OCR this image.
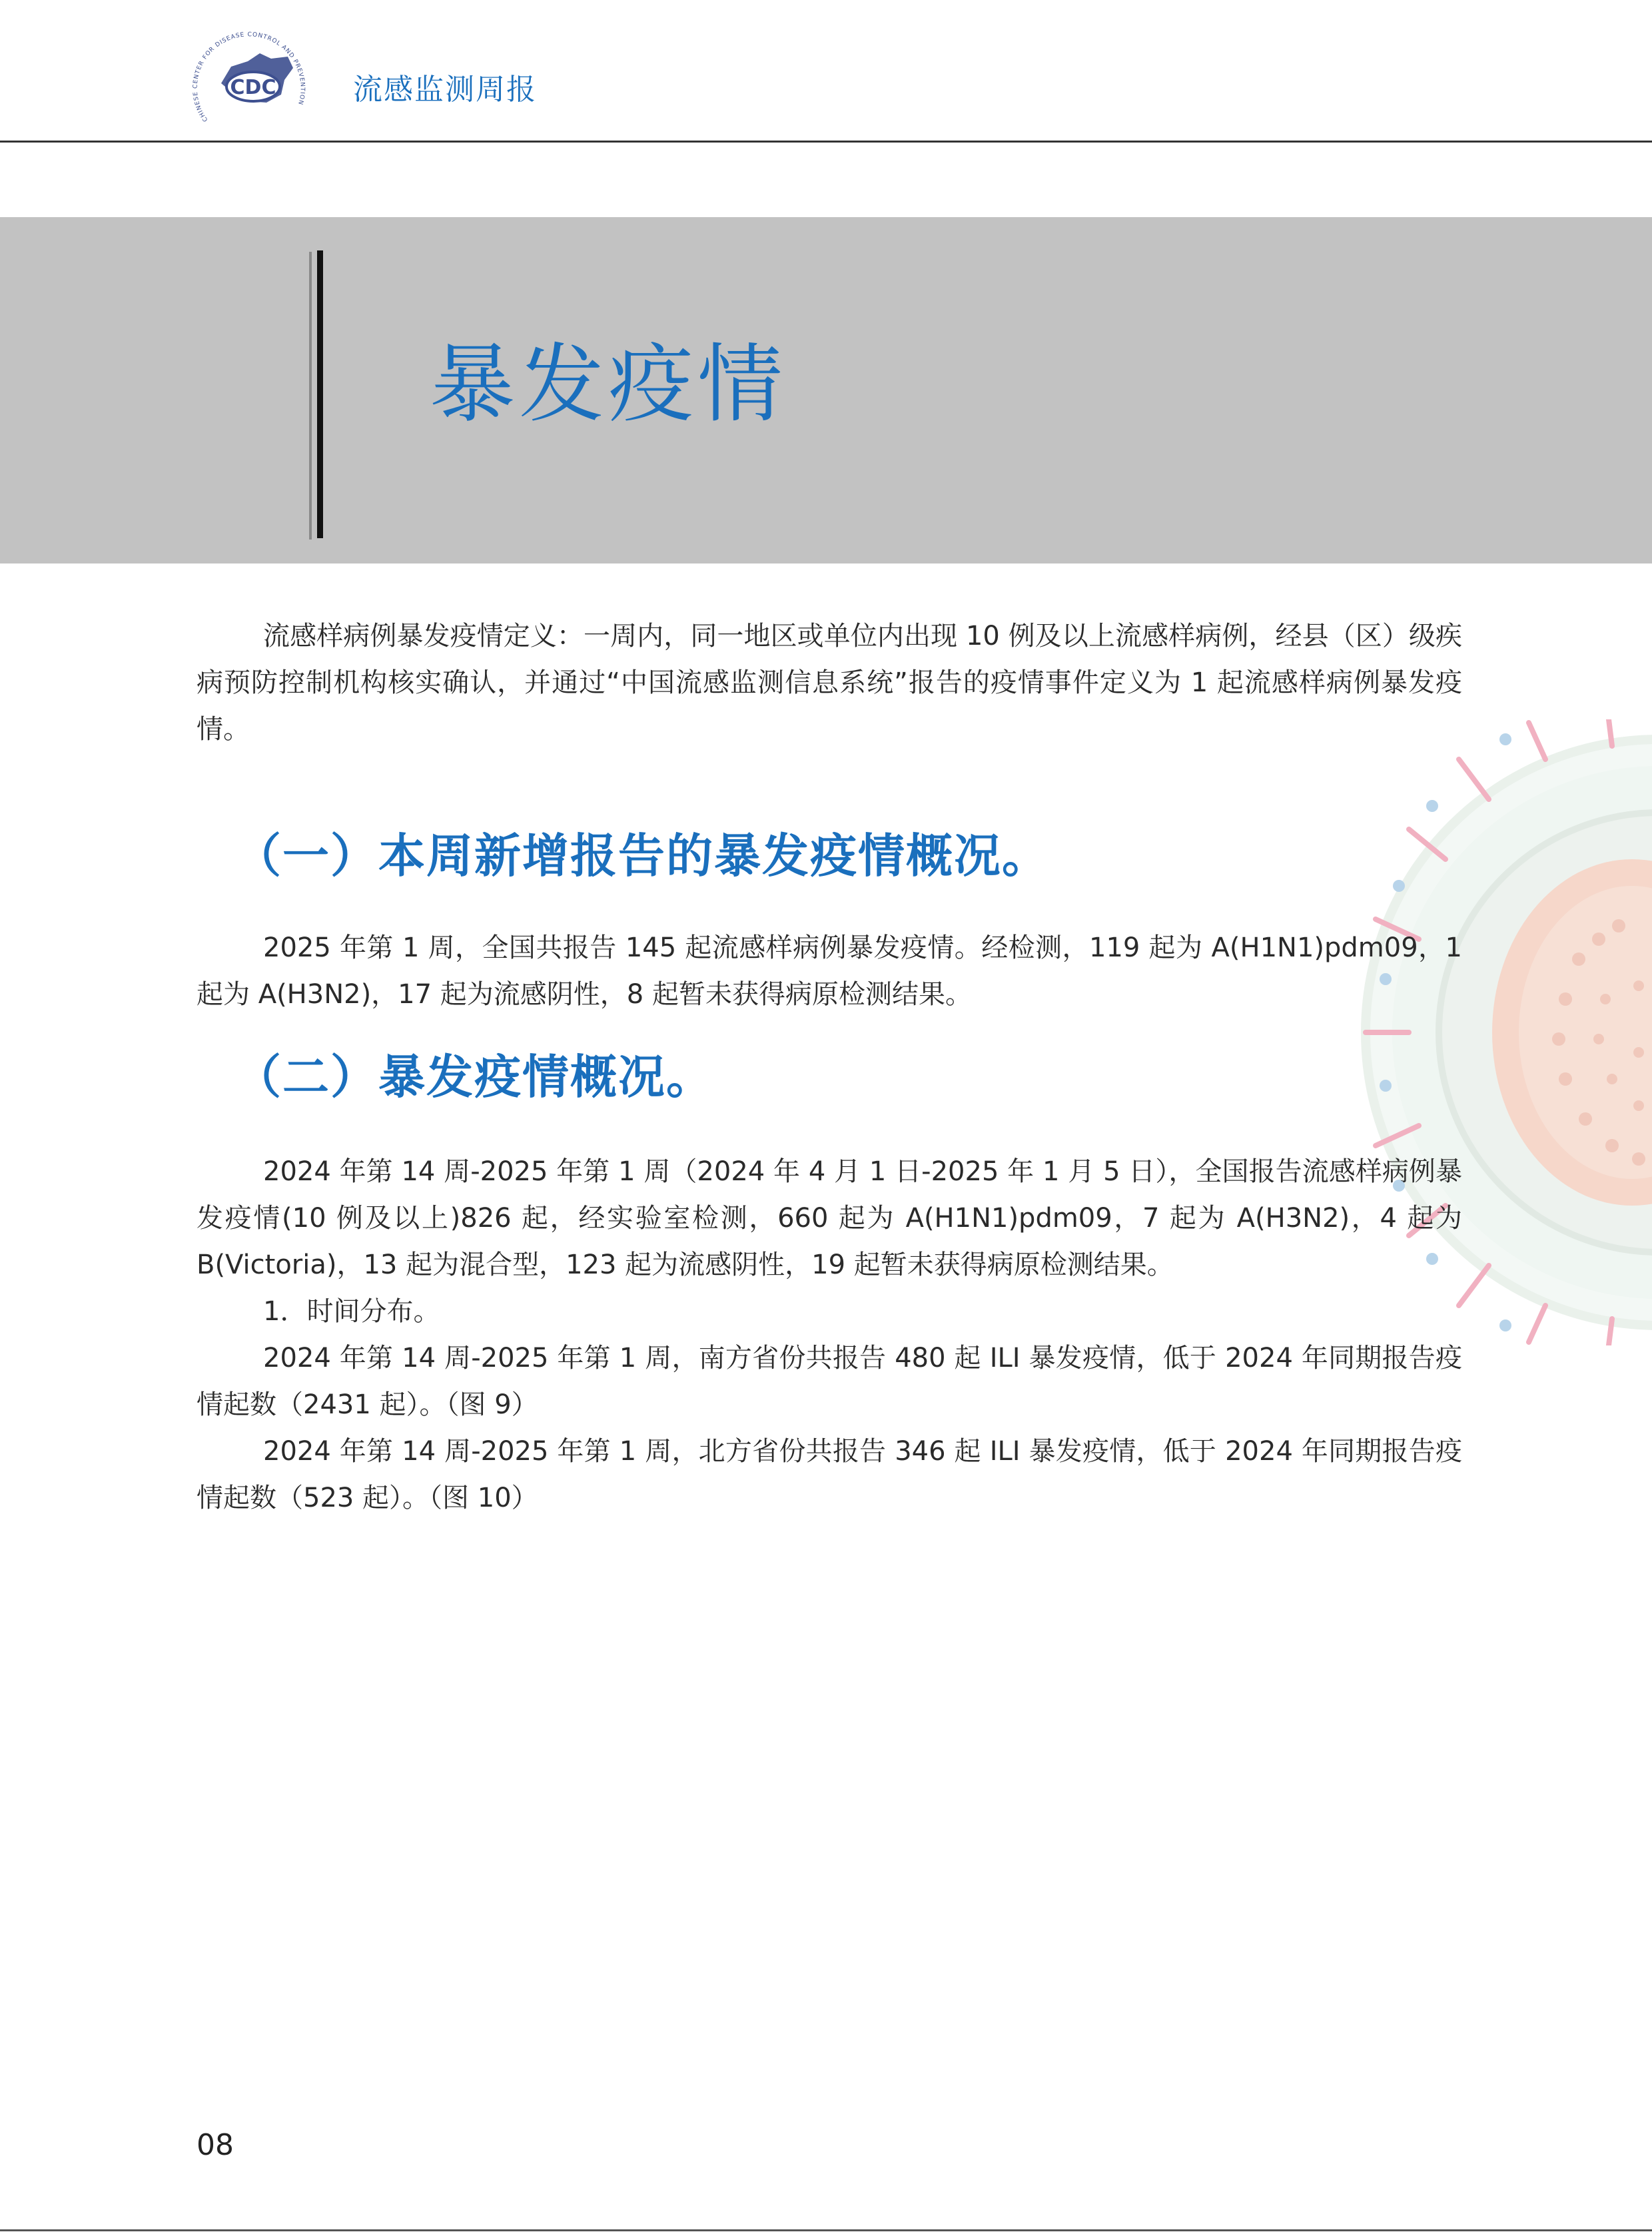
CHINESE CENTER FOR DISEASE CONTROL AND PREVENTION
CDC	流感监测周报
暴发疫情

流感样病例暴发疫情定义：一周内，同一地区或单位内出现 10 例及以上流感样病例，经县（区）级疾病预防控制机构核实确认，并通过“中国流感监测信息系统”报告的疫情事件定义为 1 起流感样病例暴发疫情。

（一）本周新增报告的暴发疫情概况。

2025 年第 1 周，全国共报告 145 起流感样病例暴发疫情。经检测，119 起为 A(H1N1)pdm09，1 起为 A(H3N2)，17 起为流感阴性，8 起暂未获得病原检测结果。

（二）暴发疫情概况。

2024 年第 14 周-2025 年第 1 周（2024 年 4 月 1 日-2025 年 1 月 5 日），全国报告流感样病例暴发疫情(10 例及以上)826 起，经实验室检测，660 起为 A(H1N1)pdm09，7 起为 A(H3N2)，4 起为 B(Victoria)，13 起为混合型，123 起为流感阴性，19 起暂未获得病原检测结果。

1．时间分布。

2024 年第 14 周-2025 年第 1 周，南方省份共报告 480 起 ILI 暴发疫情，低于 2024 年同期报告疫情起数（2431 起）。（图 9）

2024 年第 14 周-2025 年第 1 周，北方省份共报告 346 起 ILI 暴发疫情，低于 2024 年同期报告疫情起数（523 起）。（图 10）

08
